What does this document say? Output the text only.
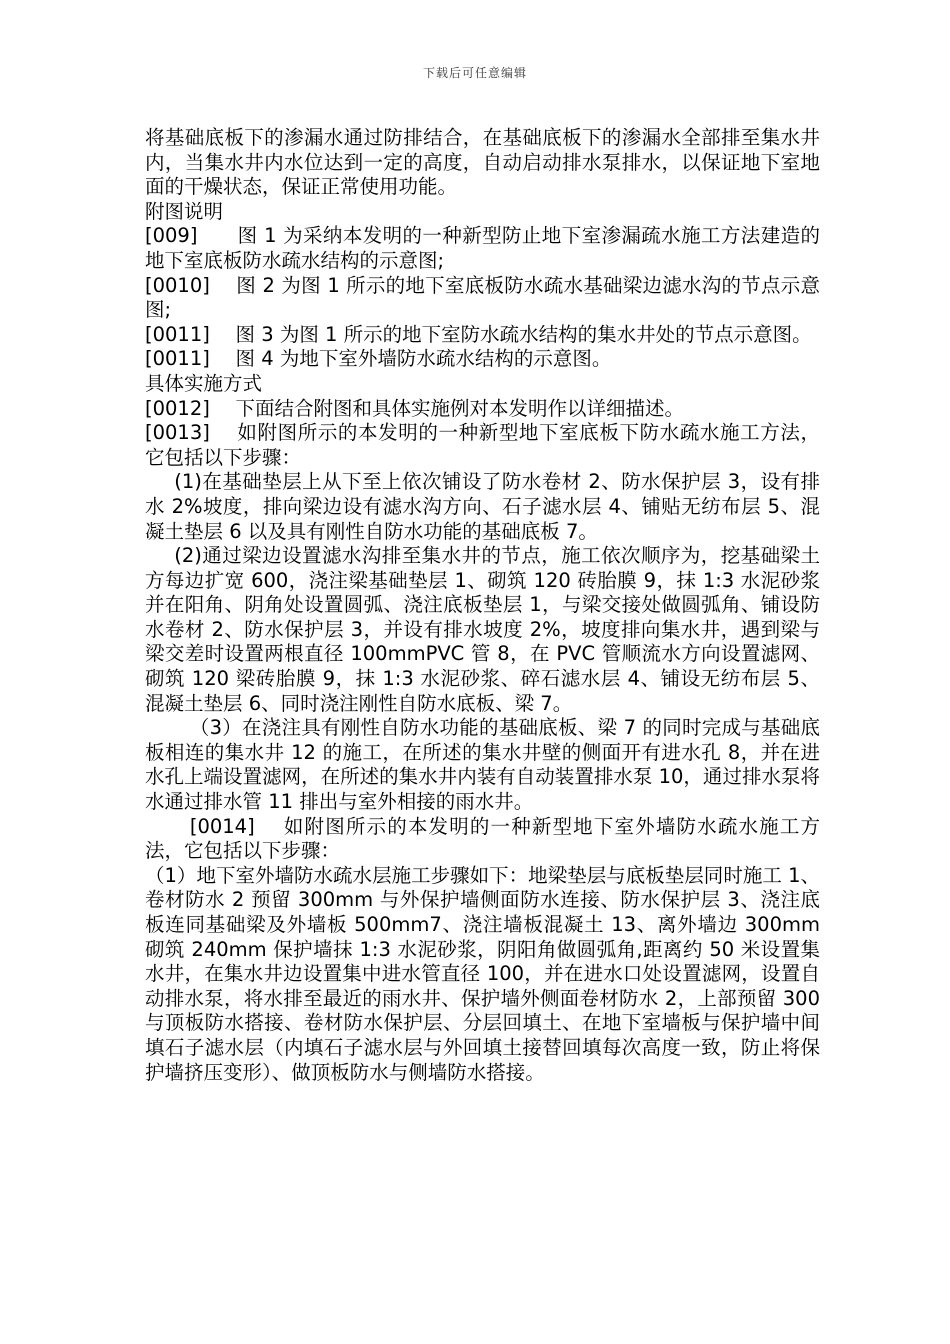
下载后可任意编辑

将基础底板下的渗漏水通过防排结合，在基础底板下的渗漏水全部排至集水井内，当集水井内水位达到一定的高度，自动启动排水泵排水，以保证地下室地面的干燥状态，保证正常使用功能。

附图说明

[009]　　图 1 为采纳本发明的一种新型防止地下室渗漏疏水施工方法建造的地下室底板防水疏水结构的示意图;

[0010]　 图 2 为图 1 所示的地下室底板防水疏水基础梁边滤水沟的节点示意图;

[0011]　 图 3 为图 1 所示的地下室防水疏水结构的集水井处的节点示意图。

[0011]　 图 4 为地下室外墙防水疏水结构的示意图。

具体实施方式

[0012]　 下面结合附图和具体实施例对本发明作以详细描述。

[0013]　 如附图所示的本发明的一种新型地下室底板下防水疏水施工方法，它包括以下步骤：

(1)在基础垫层上从下至上依次铺设了防水卷材 2、防水保护层 3，设有排水 2%坡度，排向梁边设有滤水沟方向、石子滤水层 4、铺贴无纺布层 5、混凝土垫层 6 以及具有刚性自防水功能的基础底板 7。

(2)通过梁边设置滤水沟排至集水井的节点，施工依次顺序为，挖基础梁土方每边扩宽 600，浇注梁基础垫层 1、砌筑 120 砖胎膜 9，抹 1:3 水泥砂浆并在阳角、阴角处设置圆弧、浇注底板垫层 1，与梁交接处做圆弧角、铺设防水卷材 2、防水保护层 3，并设有排水坡度 2%，坡度排向集水井，遇到梁与梁交差时设置两根直径 100mmPVC 管 8，在 PVC 管顺流水方向设置滤网、砌筑 120 梁砖胎膜 9，抹 1:3 水泥砂浆、碎石滤水层 4、铺设无纺布层 5、混凝土垫层 6、同时浇注刚性自防水底板、梁 7。

（3）在浇注具有刚性自防水功能的基础底板、梁 7 的同时完成与基础底板相连的集水井 12 的施工，在所述的集水井壁的侧面开有进水孔 8，并在进水孔上端设置滤网，在所述的集水井内装有自动装置排水泵 10，通过排水泵将水通过排水管 11 排出与室外相接的雨水井。

[0014]　 如附图所示的本发明的一种新型地下室外墙防水疏水施工方法，它包括以下步骤：

（1）地下室外墙防水疏水层施工步骤如下：地梁垫层与底板垫层同时施工 1、卷材防水 2 预留 300mm 与外保护墙侧面防水连接、防水保护层 3、浇注底板连同基础梁及外墙板 500mm7、浇注墙板混凝土 13、离外墙边 300mm 砌筑 240mm 保护墙抹 1:3 水泥砂浆，阴阳角做圆弧角,距离约 50 米设置集水井，在集水井边设置集中进水管直径 100，并在进水口处设置滤网，设置自动排水泵，将水排至最近的雨水井、保护墙外侧面卷材防水 2，上部预留 300 与顶板防水搭接、卷材防水保护层、分层回填土、在地下室墙板与保护墙中间填石子滤水层（内填石子滤水层与外回填土接替回填每次高度一致，防止将保护墙挤压变形）、做顶板防水与侧墙防水搭接。
